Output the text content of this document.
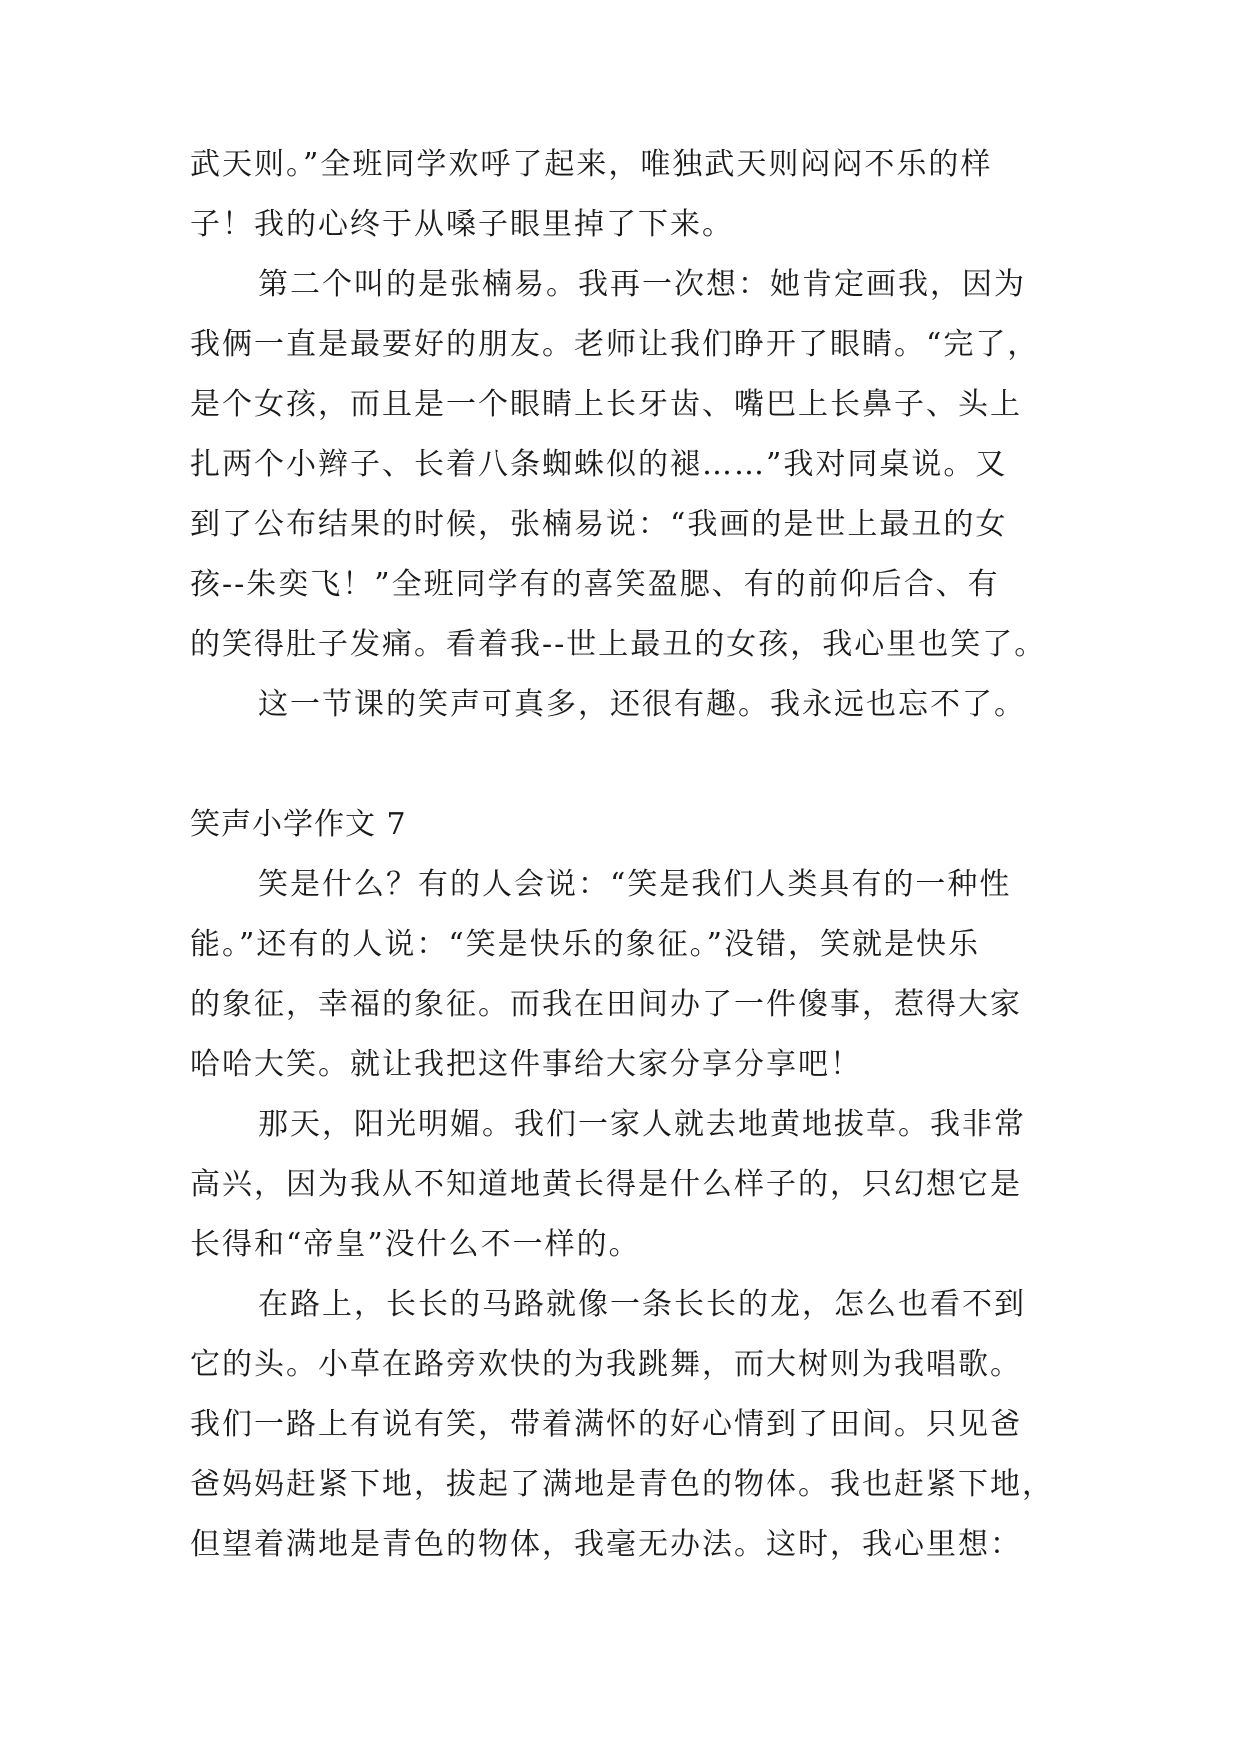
武天则。”全班同学欢呼了起来，唯独武天则闷闷不乐的样
子！我的心终于从嗓子眼里掉了下来。
第二个叫的是张楠易。我再一次想：她肯定画我，因为
我俩一直是最要好的朋友。老师让我们睁开了眼睛。“完了，
是个女孩，而且是一个眼睛上长牙齿、嘴巴上长鼻子、头上
扎两个小辫子、长着八条蜘蛛似的褪……”我对同桌说。又
到了公布结果的时候，张楠易说：“我画的是世上最丑的女
孩--朱奕飞！”全班同学有的喜笑盈腮、有的前仰后合、有
的笑得肚子发痛。看着我--世上最丑的女孩，我心里也笑了。
这一节课的笑声可真多，还很有趣。我永远也忘不了。
笑声小学作文 7
笑是什么？有的人会说：“笑是我们人类具有的一种性
能。”还有的人说：“笑是快乐的象征。”没错，笑就是快乐
的象征，幸福的象征。而我在田间办了一件傻事，惹得大家
哈哈大笑。就让我把这件事给大家分享分享吧！
那天，阳光明媚。我们一家人就去地黄地拔草。我非常
高兴，因为我从不知道地黄长得是什么样子的，只幻想它是
长得和“帝皇”没什么不一样的。
在路上，长长的马路就像一条长长的龙，怎么也看不到
它的头。小草在路旁欢快的为我跳舞，而大树则为我唱歌。
我们一路上有说有笑，带着满怀的好心情到了田间。只见爸
爸妈妈赶紧下地，拔起了满地是青色的物体。我也赶紧下地，
但望着满地是青色的物体，我毫无办法。这时，我心里想：
